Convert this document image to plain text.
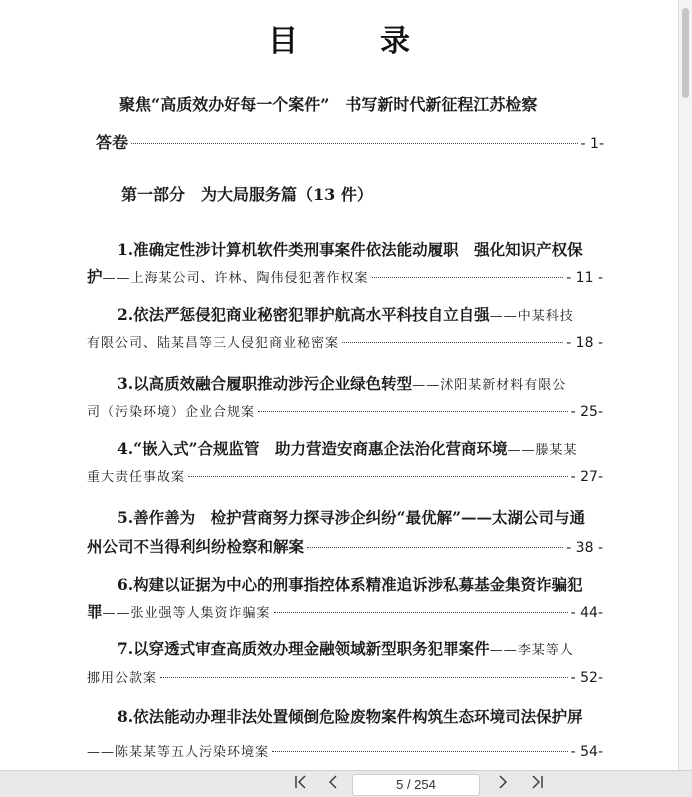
目　录
聚焦“高质效办好每一个案件”　书写新时代新征程江苏检察
答卷	- 1-
第一部分　为大局服务篇（13 件）
1.准确定性涉计算机软件类刑事案件依法能动履职　强化知识产权保
护 ——上海某公司、许林、陶伟侵犯著作权案	- 11 -
2.依法严惩侵犯商业秘密犯罪护航高水平科技自立自强——中某科技
有限公司、陆某昌等三人侵犯商业秘密案	- 18 -
3.以高质效融合履职推动涉污企业绿色转型——沭阳某新材料有限公
司（污染环境）企业合规案	- 25-
4.“嵌入式”合规监管　助力营造安商惠企法治化营商环境——滕某某
重大责任事故案	- 27-
5.善作善为　检护营商努力探寻涉企纠纷“最优解”——太湖公司与通
州公司不当得利纠纷检察和解案	- 38 -
6.构建以证据为中心的刑事指控体系精准追诉涉私募基金集资诈骗犯
罪 ——张业强等人集资诈骗案	- 44-
7.以穿透式审查高质效办理金融领域新型职务犯罪案件——李某等人
挪用公款案	- 52-
8.依法能动办理非法处置倾倒危险废物案件构筑生态环境司法保护屏
——陈某某等五人污染环境案	- 54-
5 / 254
